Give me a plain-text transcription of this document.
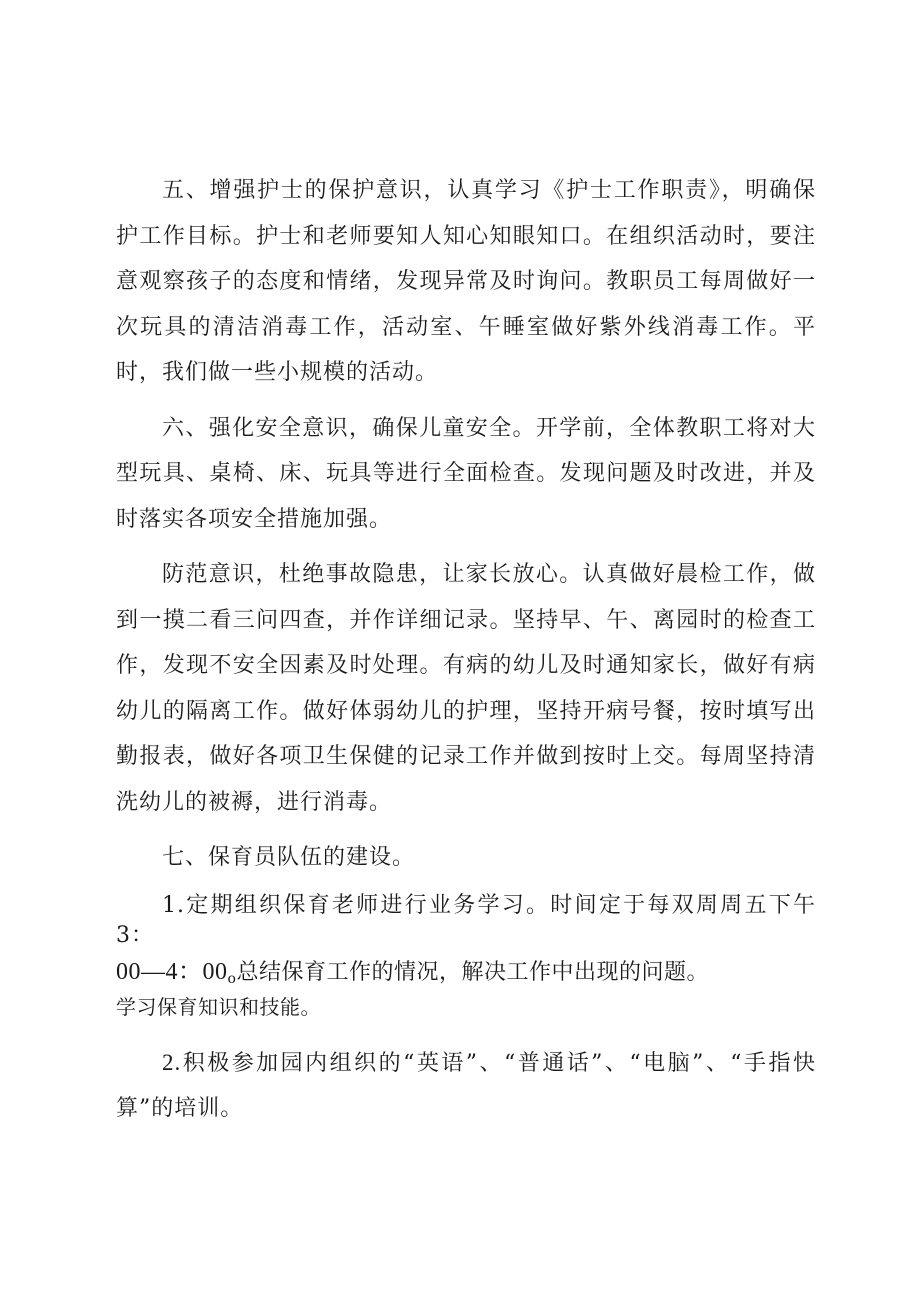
五、增强护士的保护意识，认真学习《护士工作职责》，明确保护工作目标。护士和老师要知人知心知眼知口。在组织活动时，要注意观察孩子的态度和情绪，发现异常及时询问。教职员工每周做好一次玩具的清洁消毒工作，活动室、午睡室做好紫外线消毒工作。平时，我们做一些小规模的活动。

六、强化安全意识，确保儿童安全。开学前，全体教职工将对大型玩具、桌椅、床、玩具等进行全面检查。发现问题及时改进，并及时落实各项安全措施加强。

防范意识，杜绝事故隐患，让家长放心。认真做好晨检工作，做到一摸二看三问四查，并作详细记录。坚持早、午、离园时的检查工作，发现不安全因素及时处理。有病的幼儿及时通知家长，做好有病幼儿的隔离工作。做好体弱幼儿的护理，坚持开病号餐，按时填写出勤报表，做好各项卫生保健的记录工作并做到按时上交。每周坚持清洗幼儿的被褥，进行消毒。

七、保育员队伍的建设。

1.定期组织保育老师进行业务学习。时间定于每双周周五下午3：

00—4：00o总结保育工作的情况，解决工作中出现的问题。

学习保育知识和技能。

2.积极参加园内组织的“英语”、“普通话”、“电脑”、“手指快算”的培训。
